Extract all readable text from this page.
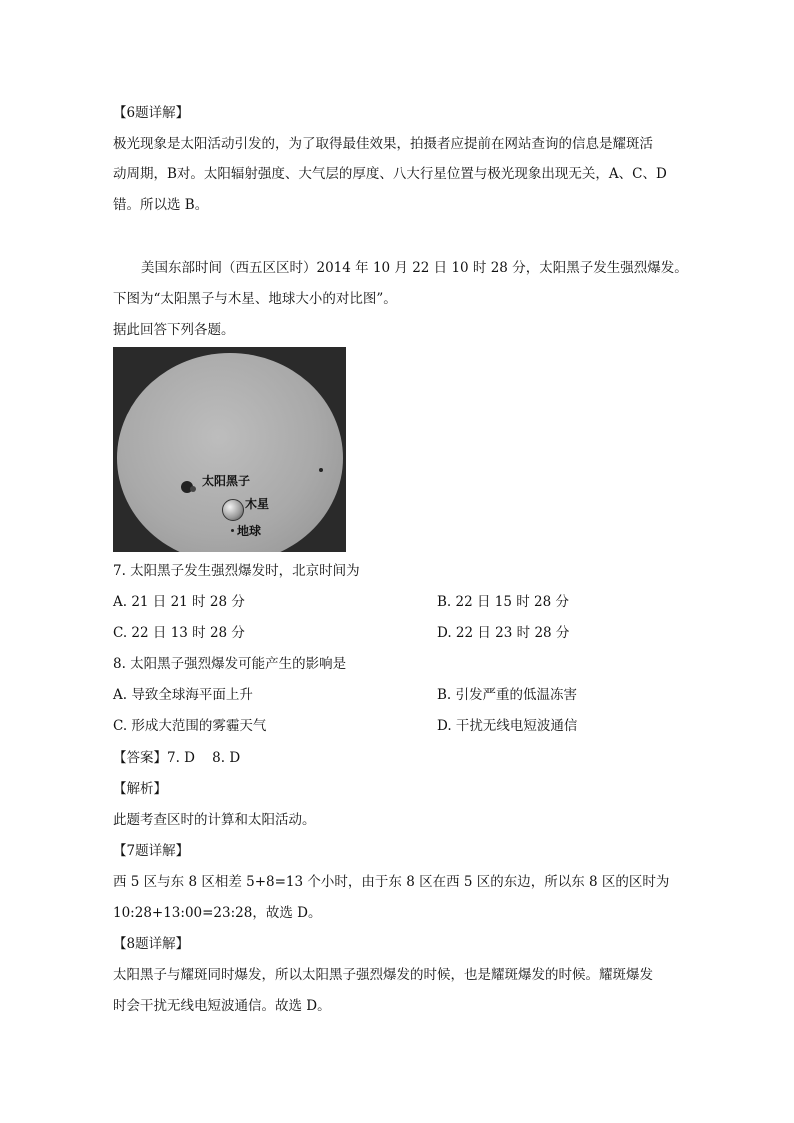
【6题详解】
极光现象是太阳活动引发的，为了取得最佳效果，拍摄者应提前在网站查询的信息是耀斑活
动周期，B对。太阳辐射强度、大气层的厚度、八大行星位置与极光现象出现无关，A、C、D
错。所以选 B。
美国东部时间（西五区区时）2014 年 10 月 22 日 10 时 28 分，太阳黑子发生强烈爆发。
下图为“太阳黑子与木星、地球大小的对比图”。
据此回答下列各题。
太阳黑子
木星
地球
7. 太阳黑子发生强烈爆发时，北京时间为
A. 21 日 21 时 28 分	B. 22 日 15 时 28 分
C. 22 日 13 时 28 分	D. 22 日 23 时 28 分
8. 太阳黑子强烈爆发可能产生的影响是
A. 导致全球海平面上升	B. 引发严重的低温冻害
C. 形成大范围的雾霾天气	D. 干扰无线电短波通信
【答案】7. D    8. D
【解析】
此题考查区时的计算和太阳活动。
【7题详解】
西 5 区与东 8 区相差 5+8=13 个小时，由于东 8 区在西 5 区的东边，所以东 8 区的区时为
10:28+13:00=23:28，故选 D。
【8题详解】
太阳黑子与耀斑同时爆发，所以太阳黑子强烈爆发的时候，也是耀斑爆发的时候。耀斑爆发
时会干扰无线电短波通信。故选 D。
